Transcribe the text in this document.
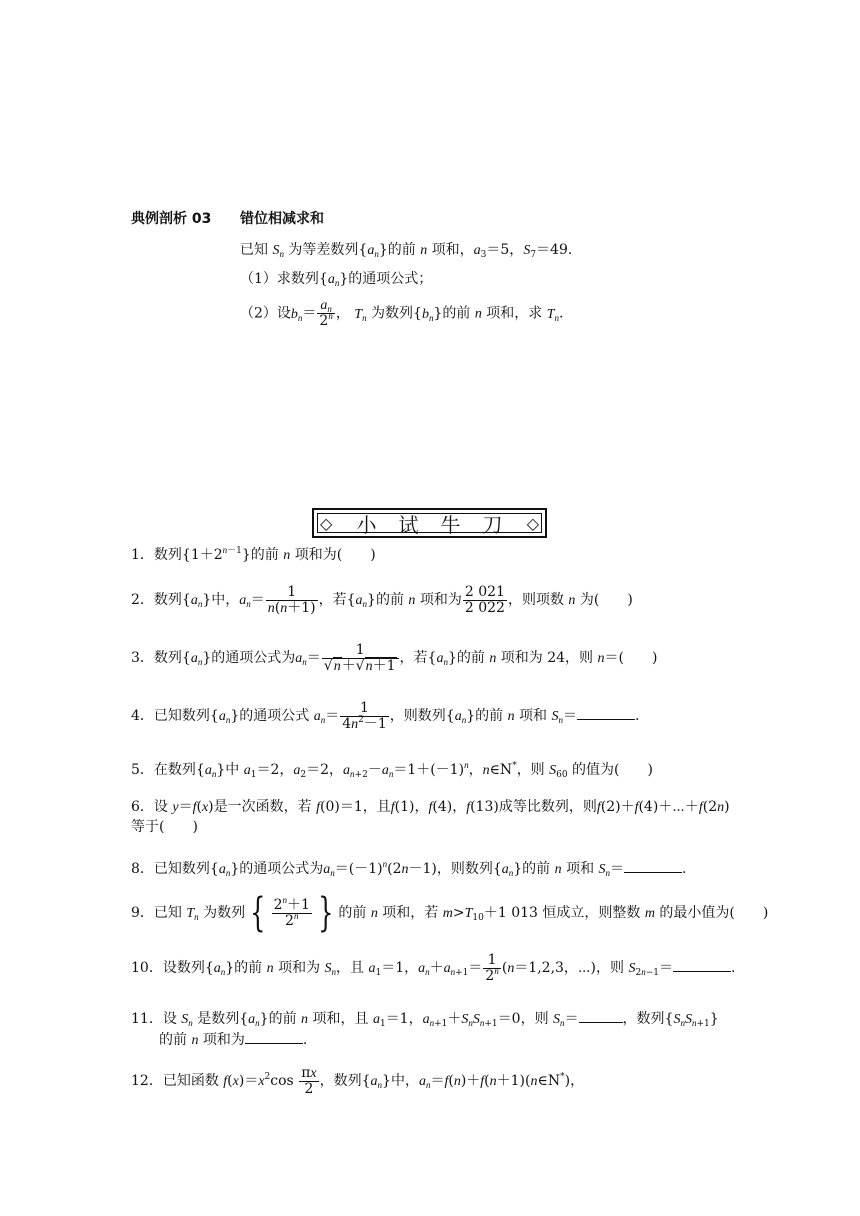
典例剖析 03 错位相减求和
已知 $S_n$ 为等差数列$\{a_n\}$的前 n 项和，$a_3=5$，$S_7=49$.
（1）求数列$\{a_n\}$的通项公式；
（2）设$b_n= \frac{a_n}{2^n}$ ， $T_n$ 为数列$\{b_n\}$的前 n 项和，求 $T_n$.
◇ 小试牛刀 ◇
1．数列$\{1+2^{n-1}\}$的前 n 项和为( )
2．数列$\{a_n\}$中，$a_n= \frac{1}{n(n+1)}$ ，若$\{a_n\}$的前 n 项和为 $\frac{2 021}{2 022}$ ，则项数 n 为( )
3．数列$\{a_n\}$的通项公式为$a_n= \frac{1}{√n+√n+1}$ ，若$\{a_n\}$的前 n 项和为 24，则 n＝( )
4．已知数列$\{a_n\}$的通项公式 $a_n= \frac{1}{4n^2-1}$ ，则数列$\{a_n\}$的前 n 项和 $S_n=$	.
5．在数列$\{a_n\}$中 $a_1=2$，$a_2=2$，$a_{n+2}-a_n=1+(-1)^n$，n∈N*，则 $S_{60}$ 的值为( )
6．设 y＝f(x)是一次函数，若 f(0)＝1，且f(1)，f(4)，f(13)成等比数列，则f(2)＋f(4)＋⋯＋f(2n)
等于( )
8．已知数列$\{a_n\}$的通项公式为$a_n=(-1)^n(2n-1)$，则数列$\{a_n\}$的前 n 项和 $S_n=$	.
9．已知 $T_n$ 为数列 { $\frac{2^n+1}{2^n}$ } 的前 n 项和，若 $m>T_{10}+1$ 013 恒成立，则整数 m 的最小值为( )
10．设数列$\{a_n\}$的前 n 项和为 $S_n$，且 $a_1=1$，$a_n+a_{n+1}= \frac{1}{2^n} (n=1,2,3$，⋯)，则 $S_{2n-1}=$	.
11．设 $S_n$ 是数列$\{a_n\}$的前 n 项和，且 $a_1=1$，$a_{n+1}+S_nS_{n+1}=0$，则 $S_n=$	，数列$\{S_nS_{n+1}\}$
的前 n 项和为	.
12．已知函数 $f(x)=x^2\cos \frac{\pi x}{2}$ ，数列$\{a_n\}$中，$a_n=f(n)+f(n+1)(n\in N^*)$，
